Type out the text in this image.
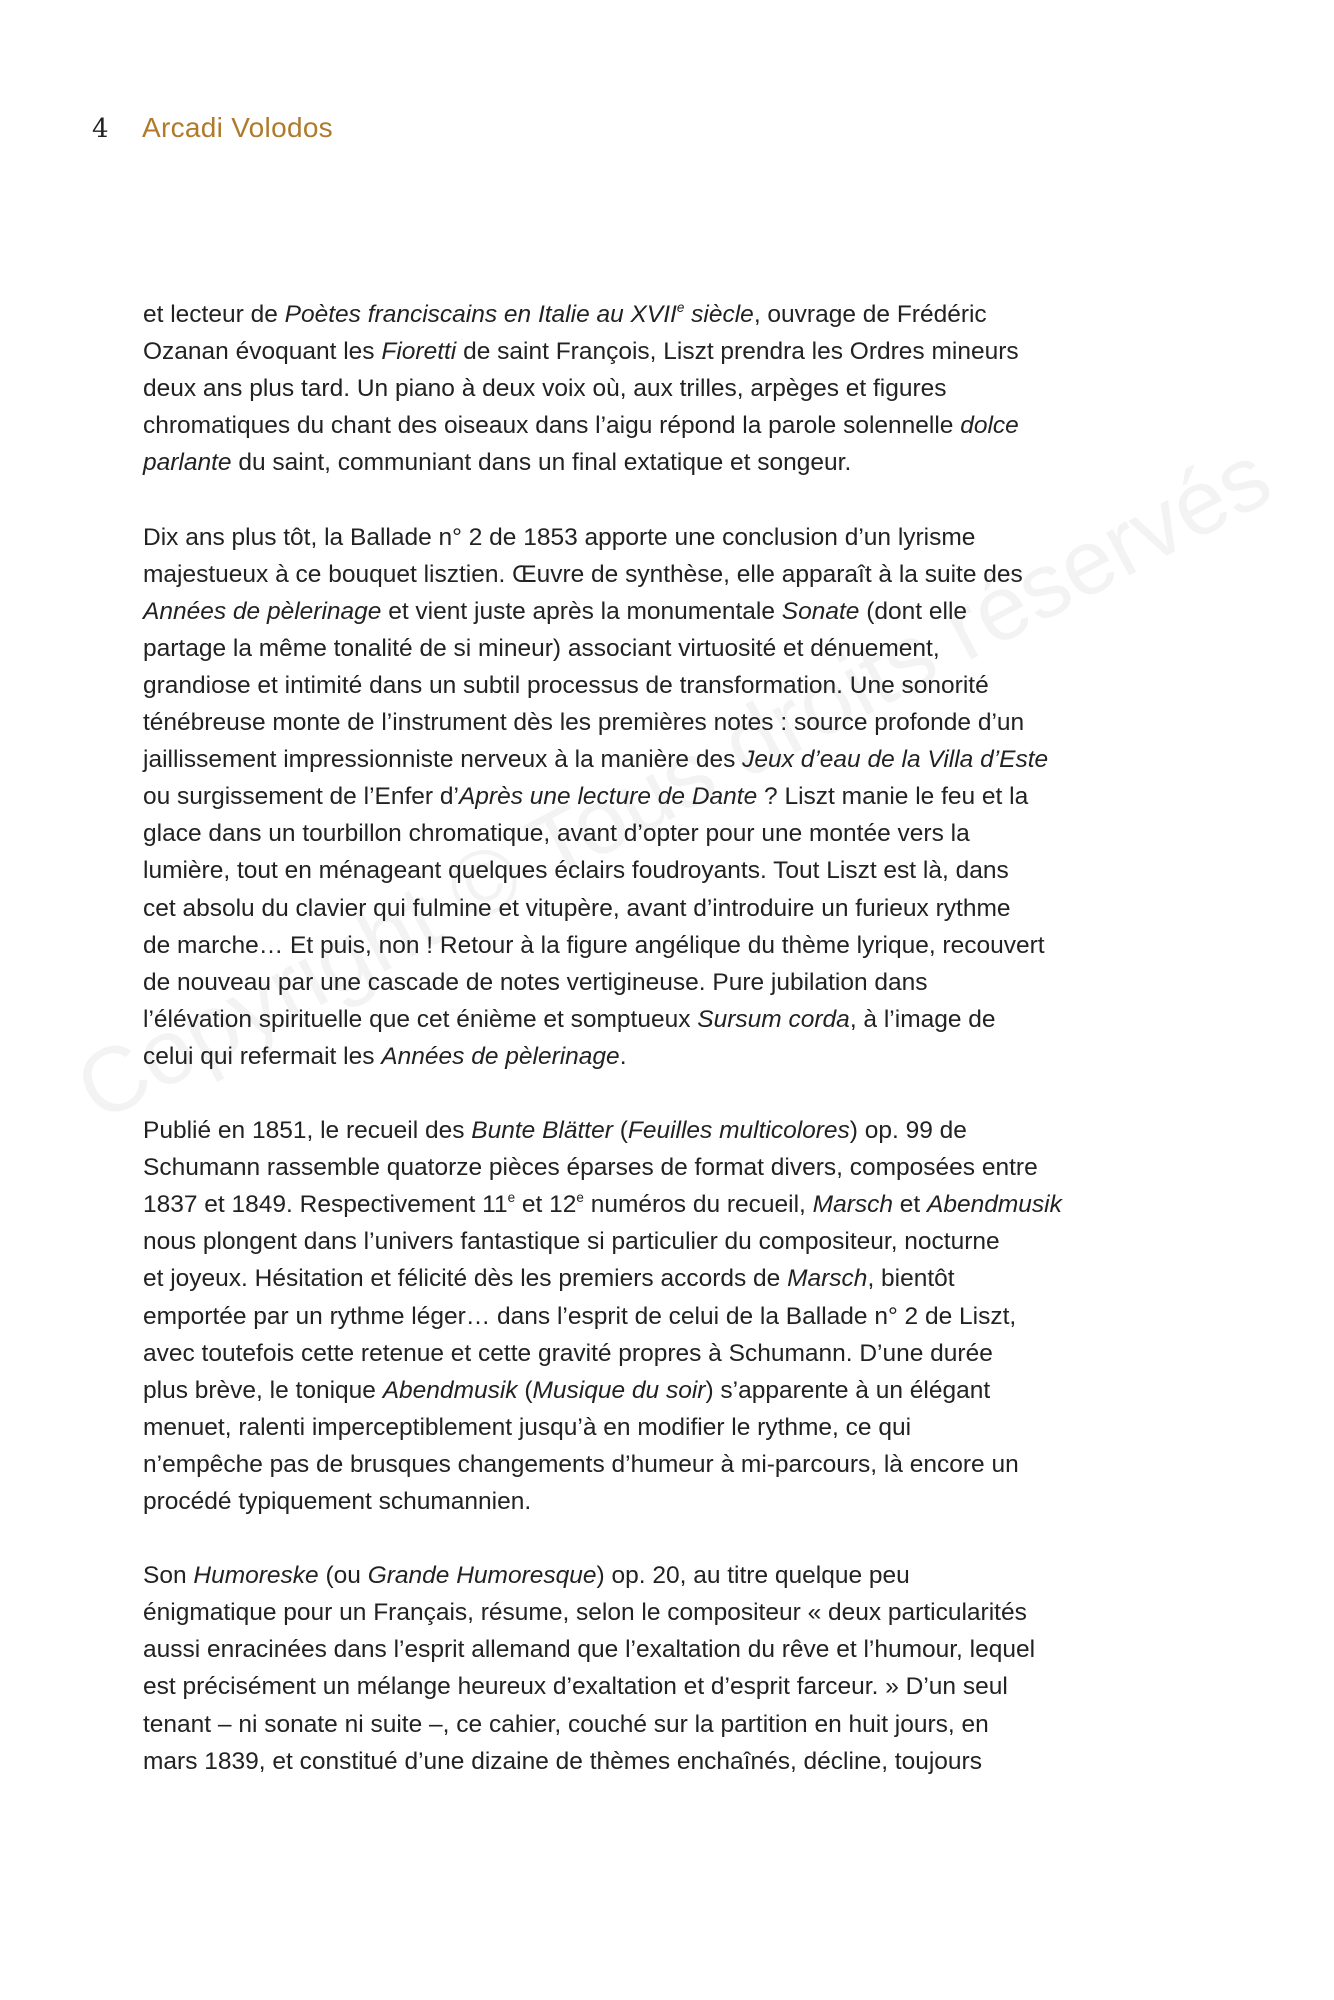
4	Arcadi Volodos

et lecteur de Poètes franciscains en Italie au XVIIe siècle, ouvrage de Frédéric
Ozanan évoquant les Fioretti de saint François, Liszt prendra les Ordres mineurs
deux ans plus tard. Un piano à deux voix où, aux trilles, arpèges et figures
chromatiques du chant des oiseaux dans l’aigu répond la parole solennelle dolce
parlante du saint, communiant dans un final extatique et songeur.

Dix ans plus tôt, la Ballade n° 2 de 1853 apporte une conclusion d’un lyrisme
majestueux à ce bouquet lisztien. Œuvre de synthèse, elle apparaît à la suite des
Années de pèlerinage et vient juste après la monumentale Sonate (dont elle
partage la même tonalité de si mineur) associant virtuosité et dénuement,
grandiose et intimité dans un subtil processus de transformation. Une sonorité
ténébreuse monte de l’instrument dès les premières notes : source profonde d’un
jaillissement impressionniste nerveux à la manière des Jeux d’eau de la Villa d’Este
ou surgissement de l’Enfer d’Après une lecture de Dante ? Liszt manie le feu et la
glace dans un tourbillon chromatique, avant d’opter pour une montée vers la
lumière, tout en ménageant quelques éclairs foudroyants. Tout Liszt est là, dans
cet absolu du clavier qui fulmine et vitupère, avant d’introduire un furieux rythme
de marche… Et puis, non ! Retour à la figure angélique du thème lyrique, recouvert
de nouveau par une cascade de notes vertigineuse. Pure jubilation dans
l’élévation spirituelle que cet énième et somptueux Sursum corda, à l’image de
celui qui refermait les Années de pèlerinage.

Publié en 1851, le recueil des Bunte Blätter (Feuilles multicolores) op. 99 de
Schumann rassemble quatorze pièces éparses de format divers, composées entre
1837 et 1849. Respectivement 11e et 12e numéros du recueil, Marsch et Abendmusik
nous plongent dans l’univers fantastique si particulier du compositeur, nocturne
et joyeux. Hésitation et félicité dès les premiers accords de Marsch, bientôt
emportée par un rythme léger… dans l’esprit de celui de la Ballade n° 2 de Liszt,
avec toutefois cette retenue et cette gravité propres à Schumann. D’une durée
plus brève, le tonique Abendmusik (Musique du soir) s’apparente à un élégant
menuet, ralenti imperceptiblement jusqu’à en modifier le rythme, ce qui
n’empêche pas de brusques changements d’humeur à mi-parcours, là encore un
procédé typiquement schumannien.

Son Humoreske (ou Grande Humoresque) op. 20, au titre quelque peu
énigmatique pour un Français, résume, selon le compositeur « deux particularités
aussi enracinées dans l’esprit allemand que l’exaltation du rêve et l’humour, lequel
est précisément un mélange heureux d’exaltation et d’esprit farceur. » D’un seul
tenant – ni sonate ni suite –, ce cahier, couché sur la partition en huit jours, en
mars 1839, et constitué d’une dizaine de thèmes enchaînés, décline, toujours
